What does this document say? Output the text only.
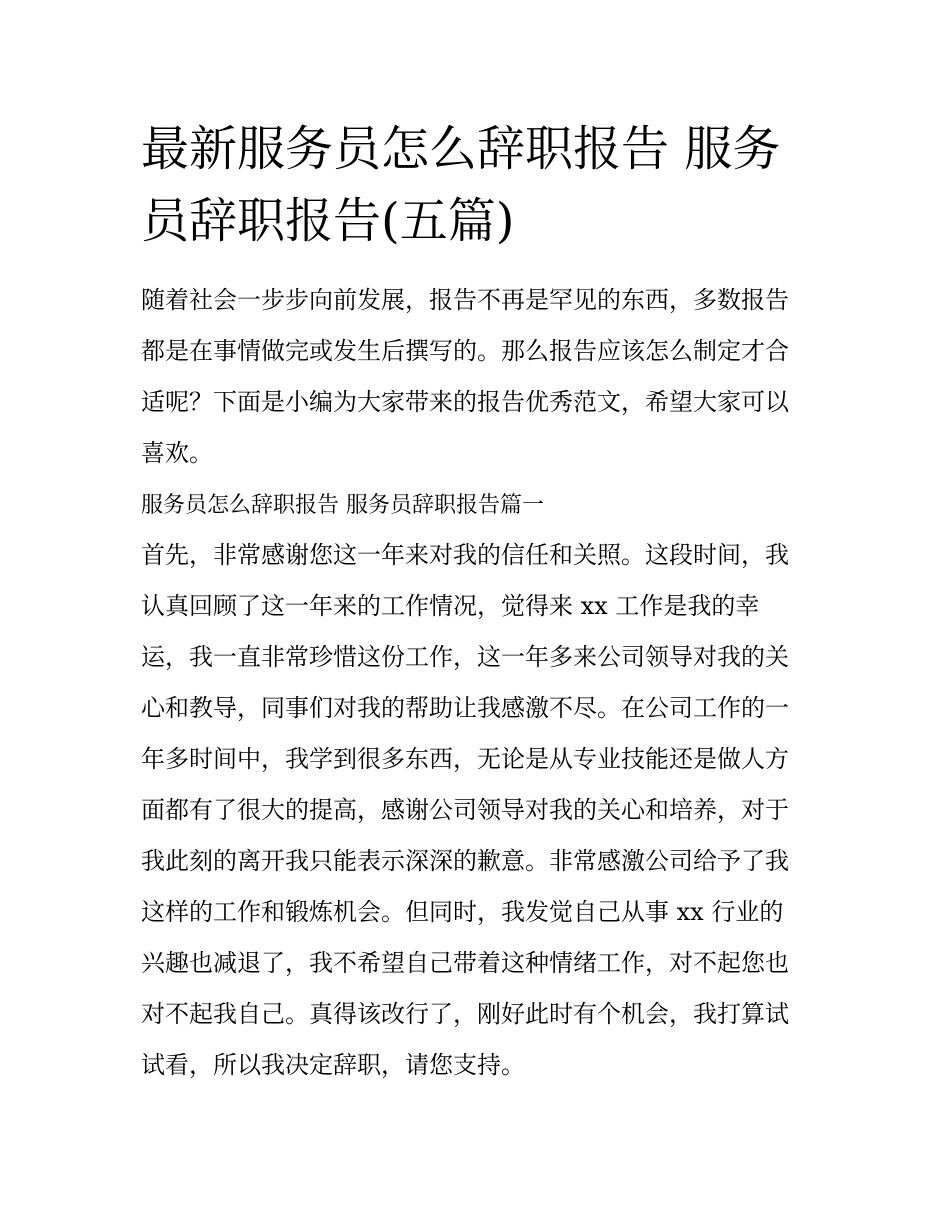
最新服务员怎么辞职报告 服务
员辞职报告(五篇)
随着社会一步步向前发展，报告不再是罕见的东西，多数报告
都是在事情做完或发生后撰写的。那么报告应该怎么制定才合
适呢？下面是小编为大家带来的报告优秀范文，希望大家可以
喜欢。
服务员怎么辞职报告 服务员辞职报告篇一
首先，非常感谢您这一年来对我的信任和关照。这段时间，我
认真回顾了这一年来的工作情况，觉得来 xx 工作是我的幸
运，我一直非常珍惜这份工作，这一年多来公司领导对我的关
心和教导，同事们对我的帮助让我感激不尽。在公司工作的一
年多时间中，我学到很多东西，无论是从专业技能还是做人方
面都有了很大的提高，感谢公司领导对我的关心和培养，对于
我此刻的离开我只能表示深深的歉意。非常感激公司给予了我
这样的工作和锻炼机会。但同时，我发觉自己从事 xx 行业的
兴趣也减退了，我不希望自己带着这种情绪工作，对不起您也
对不起我自己。真得该改行了，刚好此时有个机会，我打算试
试看，所以我决定辞职，请您支持。
